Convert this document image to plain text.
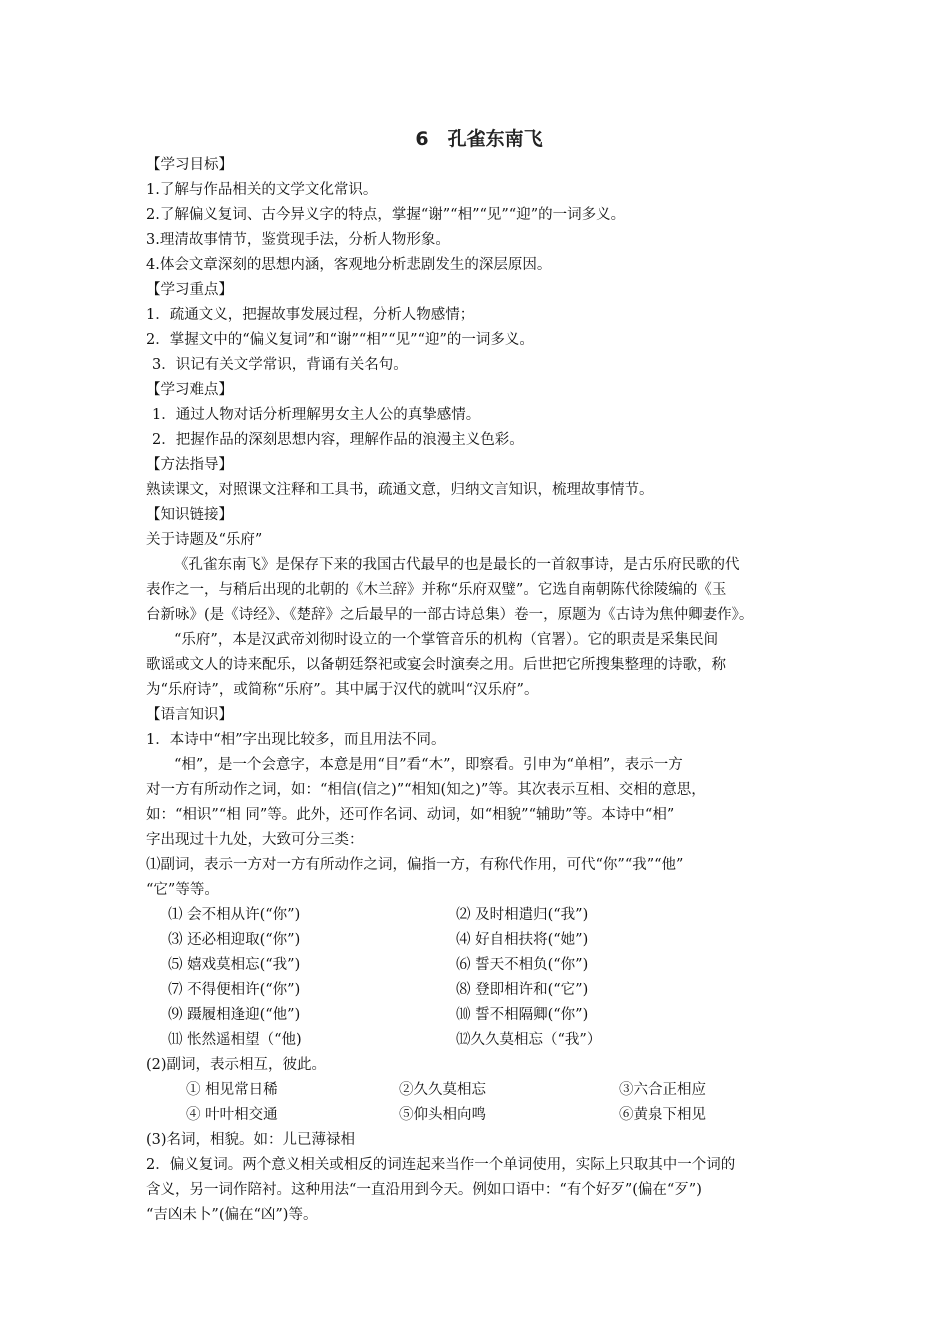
6　孔雀东南飞
【学习目标】
1.了解与作品相关的文学文化常识。
2.了解偏义复词、古今异义字的特点，掌握“谢”“相”“见”“迎”的一词多义。
3.理清故事情节，鉴赏现手法，分析人物形象。
4.体会文章深刻的思想内涵，客观地分析悲剧发生的深层原因。
【学习重点】
1．疏通文义，把握故事发展过程，分析人物感情；
2．掌握文中的“偏义复词”和“谢”“相”“见”“迎”的一词多义。
3．识记有关文学常识，背诵有关名句。
【学习难点】
1．通过人物对话分析理解男女主人公的真挚感情。
2．把握作品的深刻思想内容，理解作品的浪漫主义色彩。
【方法指导】
熟读课文，对照课文注释和工具书，疏通文意，归纳文言知识，梳理故事情节。
【知识链接】
关于诗题及“乐府”
《孔雀东南飞》是保存下来的我国古代最早的也是最长的一首叙事诗，是古乐府民歌的代
表作之一，与稍后出现的北朝的《木兰辞》并称“乐府双璧”。它选自南朝陈代徐陵编的《玉
台新咏》(是《诗经》、《楚辞》之后最早的一部古诗总集）卷一，原题为《古诗为焦仲卿妻作》。
“乐府”，本是汉武帝刘彻时设立的一个掌管音乐的机构（官署）。它的职责是采集民间
歌谣或文人的诗来配乐，以备朝廷祭祀或宴会时演奏之用。后世把它所搜集整理的诗歌，称
为“乐府诗”，或简称“乐府”。其中属于汉代的就叫“汉乐府”。
【语言知识】
1．本诗中“相”字出现比较多，而且用法不同。
“相”，是一个会意字，本意是用“目”看“木”，即察看。引申为“单相”，表示一方
对一方有所动作之词，如：“相信(信之)”“相知(知之)”等。其次表示互相、交相的意思，
如：“相识”“相 同”等。此外，还可作名词、动词，如“相貌”“辅助”等。本诗中“相”
字出现过十九处，大致可分三类：
⑴副词，表示一方对一方有所动作之词，偏指一方，有称代作用，可代“你”“我”“他”
“它”等等。
⑴ 会不相从许(“你”)	⑵ 及时相遣归(“我”)
⑶ 还必相迎取(“你”)	⑷ 好自相扶将(“她”)
⑸ 嬉戏莫相忘(“我”)	⑹ 誓天不相负(“你”)
⑺ 不得便相许(“你”)	⑻ 登即相许和(“它”)
⑼ 蹑履相逢迎(“他”)	⑽ 誓不相隔卿(“你”)
⑾ 怅然遥相望（“他)	⑿久久莫相忘（“我”）
(2)副词，表示相互，彼此。
① 相见常日稀	②久久莫相忘	③六合正相应
④ 叶叶相交通	⑤仰头相向鸣	⑥黄泉下相见
(3)名词，相貌。如：儿已薄禄相
2．偏义复词。两个意义相关或相反的词连起来当作一个单词使用，实际上只取其中一个词的
含义，另一词作陪衬。这种用法“一直沿用到今天。例如口语中：“有个好歹”(偏在“歹”)
“吉凶未卜”(偏在“凶”)等。
